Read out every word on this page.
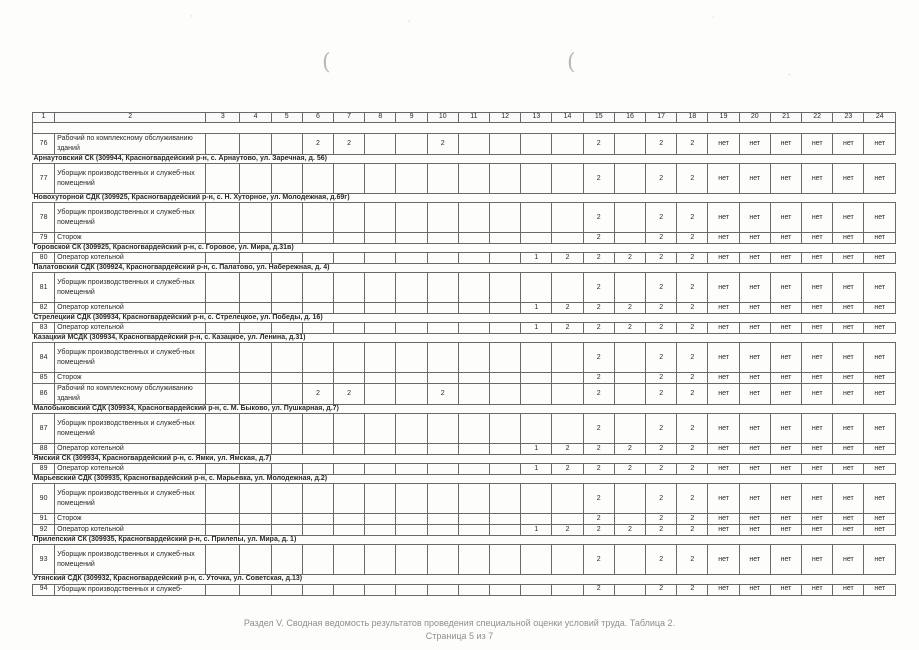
(	(
·
'
·
-
1	2	3	4	5	6	7	8	9	10	11	12	13	14	15	16	17	18	19	20	21	22	23	24

76	Рабочий по комплексному обслуживанию зданий				2	2			2					2		2	2	нет	нет	нет	нет	нет	нет
Арнаутовский СК (309944, Красногвардейский р-н, с. Арнаутово, ул. Заречная, д. 56)																							
77	Уборщик производственных и служеб-ных помещений													2		2	2	нет	нет	нет	нет	нет	нет
Новохуторной СДК (309925, Красногвардейский р-н, с. Н. Хуторное, ул. Молодежная, д.69г)																							
78	Уборщик производственных и служеб-ных помещений													2		2	2	нет	нет	нет	нет	нет	нет
79	Сторож													2		2	2	нет	нет	нет	нет	нет	нет
Горовской СК (309925, Красногвардейский р-н, с. Горовое, ул. Мира, д.31в)																							
80	Оператор котельной											1	2	2	2	2	2	нет	нет	нет	нет	нет	нет
Палатовский СДК (309924, Красногвардейский р-н, с. Палатово, ул. Набережная, д. 4)																							
81	Уборщик производственных и служеб-ных помещений													2		2	2	нет	нет	нет	нет	нет	нет
82	Оператор котельной											1	2	2	2	2	2	нет	нет	нет	нет	нет	нет
Стрелецкий СДК (309934, Красногвардейский р-н, с. Стрелецкое, ул. Победы, д. 16)																							
83	Оператор котельной											1	2	2	2	2	2	нет	нет	нет	нет	нет	нет
Казацкий МСДК (309934, Красногвардейский р-н, с. Казацкое, ул. Ленина, д.31)																							
84	Уборщик производственных и служеб-ных помещений													2		2	2	нет	нет	нет	нет	нет	нет
85	Сторож													2		2	2	нет	нет	нет	нет	нет	нет
86	Рабочий по комплексному обслуживанию зданий				2	2			2					2		2	2	нет	нет	нет	нет	нет	нет
Малобыковский СДК (309934, Красногвардейский р-н, с. М. Быково, ул. Пушкарная, д.7)																							
87	Уборщик производственных и служеб-ных помещений													2		2	2	нет	нет	нет	нет	нет	нет
88	Оператор котельной											1	2	2	2	2	2	нет	нет	нет	нет	нет	нет
Ямский СК (309934, Красногвардейский р-н, с. Ямки, ул. Ямская, д.7)																							
89	Оператор котельной											1	2	2	2	2	2	нет	нет	нет	нет	нет	нет
Марьевский СДК (309935, Красногвардейский р-н, с. Марьевка, ул. Молодежная, д.2)																							
90	Уборщик производственных и служеб-ных помещений													2		2	2	нет	нет	нет	нет	нет	нет
91	Сторож													2		2	2	нет	нет	нет	нет	нет	нет
92	Оператор котельной											1	2	2	2	2	2	нет	нет	нет	нет	нет	нет
Прилепский СК (309935, Красногвардейский р-н, с. Прилепы, ул. Мира, д. 1)																							
93	Уборщик производственных и служеб-ных помещений													2		2	2	нет	нет	нет	нет	нет	нет
Утянский СДК (309932, Красногвардейский р-н, с. Уточка, ул. Советская, д.13)																							
94	Уборщик производственных и служеб-													2		2	2	нет	нет	нет	нет	нет	нет
Раздел V. Сводная ведомость результатов проведения специальной оценки условий труда. Таблица 2.
Страница 5 из 7
